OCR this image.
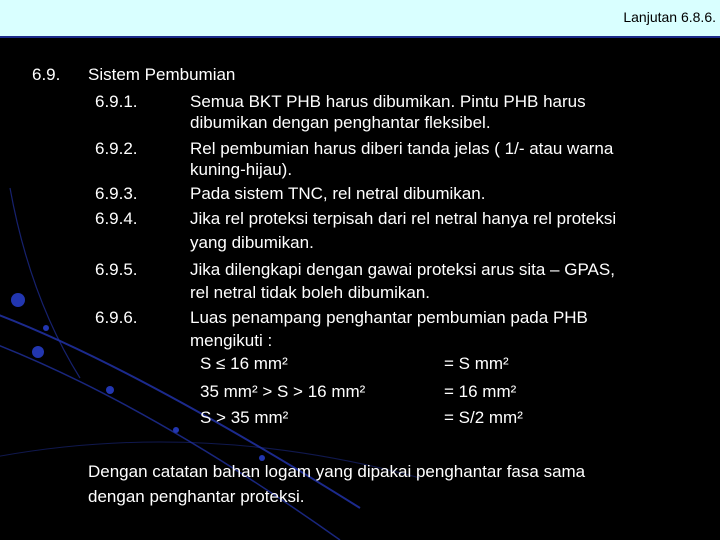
Lanjutan 6.8.6.
6.9. Sistem Pembumian
6.9.1.	Semua BKT PHB harus dibumikan. Pintu PHB harus
dibumikan dengan penghantar fleksibel.
6.9.2.	Rel pembumian harus diberi tanda jelas ( 1/- atau warna
kuning-hijau).
6.9.3.	Pada sistem TNC, rel netral dibumikan.
6.9.4.	Jika rel proteksi terpisah dari rel netral hanya rel proteksi
yang dibumikan.
6.9.5.	Jika dilengkapi dengan gawai proteksi arus sita – GPAS,
rel netral tidak boleh dibumikan.
6.9.6.	Luas penampang penghantar pembumian pada PHB
mengikuti :
S ≤ 16 mm²	= S mm²
35 mm² > S > 16 mm²	= 16 mm²
S > 35 mm²	= S/2 mm²
Dengan catatan bahan logam yang dipakai penghantar fasa sama
dengan penghantar proteksi.
